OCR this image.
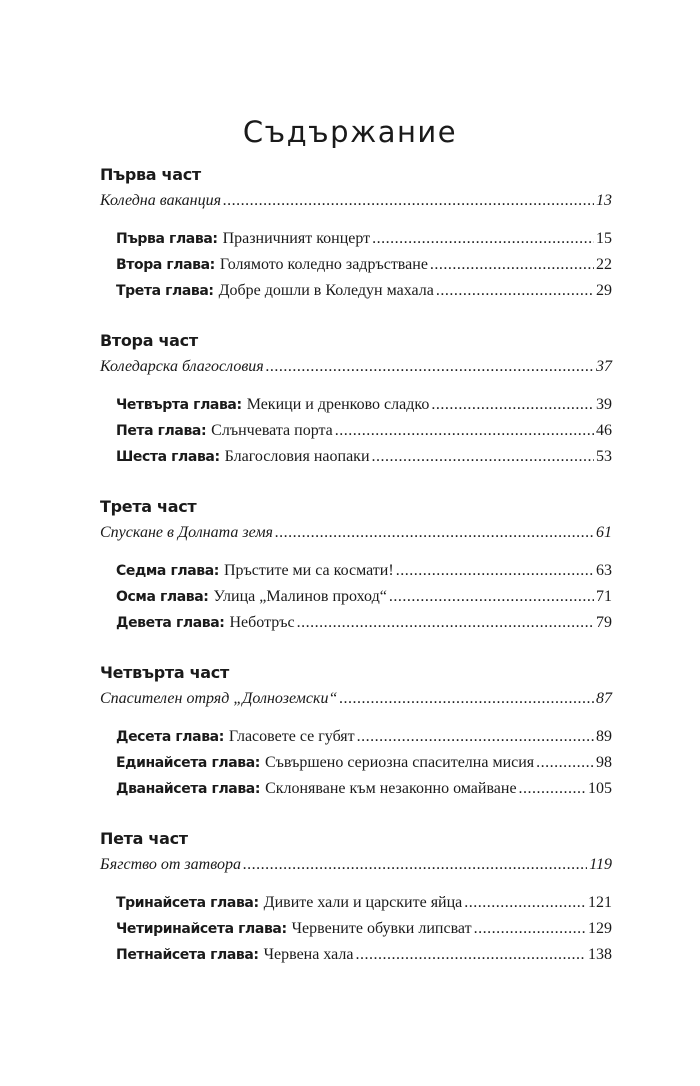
Съдържание
Първа част
Коледна ваканция .....	13
Първа глава: Празничният концерт .....	15
Втора глава: Голямото коледно задръстване .....	22
Трета глава: Добре дошли в Коледун махала .....	29
Втора част
Коледарска благословия .....	37
Четвърта глава: Мекици и дренково сладко .....	39
Пета глава: Слънчевата порта .....	46
Шеста глава: Благословия наопаки .....	53
Трета част
Спускане в Долната земя .....	61
Седма глава: Пръстите ми са космати! .....	63
Осма глава: Улица „Малинов проход“ .....	71
Девета глава: Неботръс .....	79
Четвърта част
Спасителен отряд „Долноземски“ .....	87
Десета глава: Гласовете се губят .....	89
Единайсета глава: Съвършено сериозна спасителна мисия .....	98
Дванайсета глава: Склоняване към незаконно омайване .....	105
Пета част
Бягство от затвора .....	119
Тринайсета глава: Дивите хали и царските яйца .....	121
Четиринайсета глава: Червените обувки липсват .....	129
Петнайсета глава: Червена хала .....	138
